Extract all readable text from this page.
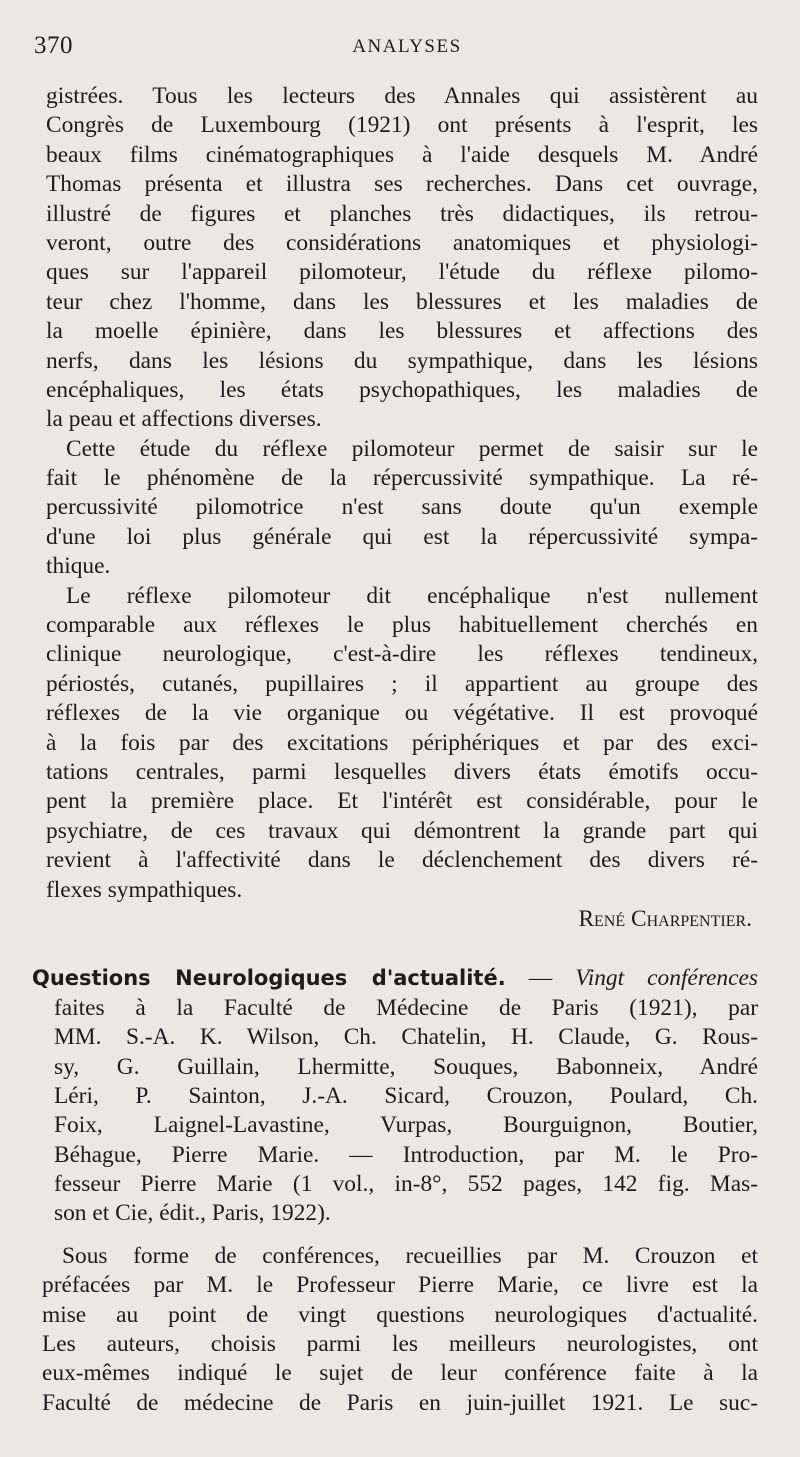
370	ANALYSES
gistrées. Tous les lecteurs des Annales qui assistèrent au
Congrès de Luxembourg (1921) ont présents à l'esprit, les
beaux films cinématographiques à l'aide desquels M. André
Thomas présenta et illustra ses recherches. Dans cet ouvrage,
illustré de figures et planches très didactiques, ils retrou-
veront, outre des considérations anatomiques et physiologi-
ques sur l'appareil pilomoteur, l'étude du réflexe pilomo-
teur chez l'homme, dans les blessures et les maladies de
la moelle épinière, dans les blessures et affections des
nerfs, dans les lésions du sympathique, dans les lésions
encéphaliques, les états psychopathiques, les maladies de
la peau et affections diverses.
Cette étude du réflexe pilomoteur permet de saisir sur le
fait le phénomène de la répercussivité sympathique. La ré-
percussivité pilomotrice n'est sans doute qu'un exemple
d'une loi plus générale qui est la répercussivité sympa-
thique.
Le réflexe pilomoteur dit encéphalique n'est nullement
comparable aux réflexes le plus habituellement cherchés en
clinique neurologique, c'est-à-dire les réflexes tendineux,
périostés, cutanés, pupillaires ; il appartient au groupe des
réflexes de la vie organique ou végétative. Il est provoqué
à la fois par des excitations périphériques et par des exci-
tations centrales, parmi lesquelles divers états émotifs occu-
pent la première place. Et l'intérêt est considérable, pour le
psychiatre, de ces travaux qui démontrent la grande part qui
revient à l'affectivité dans le déclenchement des divers ré-
flexes sympathiques.
René Charpentier.
Questions Neurologiques d'actualité. — Vingt conférences
faites à la Faculté de Médecine de Paris (1921), par
MM. S.-A. K. Wilson, Ch. Chatelin, H. Claude, G. Rous-
sy, G. Guillain, Lhermitte, Souques, Babonneix, André
Léri, P. Sainton, J.-A. Sicard, Crouzon, Poulard, Ch.
Foix, Laignel-Lavastine, Vurpas, Bourguignon, Boutier,
Béhague, Pierre Marie. — Introduction, par M. le Pro-
fesseur Pierre Marie (1 vol., in-8°, 552 pages, 142 fig. Mas-
son et Cie, édit., Paris, 1922).
Sous forme de conférences, recueillies par M. Crouzon et
préfacées par M. le Professeur Pierre Marie, ce livre est la
mise au point de vingt questions neurologiques d'actualité.
Les auteurs, choisis parmi les meilleurs neurologistes, ont
eux-mêmes indiqué le sujet de leur conférence faite à la
Faculté de médecine de Paris en juin-juillet 1921. Le suc-
